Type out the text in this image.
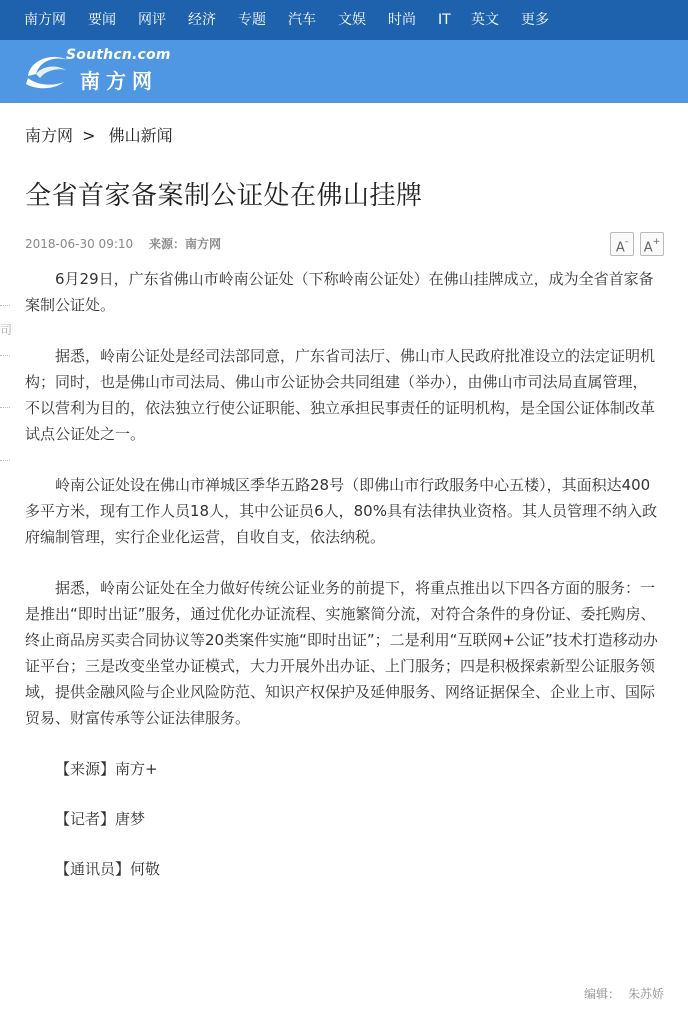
南方网 要闻 网评 经济 专题 汽车 文娱 时尚 IT 英文 更多
Southcn.com
南方网
南方网 > 佛山新闻
全省首家备案制公证处在佛山挂牌
2018-06-30 09:10 来源：南方网	A-	A+
司

6月29日，广东省佛山市岭南公证处（下称岭南公证处）在佛山挂牌成立，成为全省首家备案制公证处。

据悉，岭南公证处是经司法部同意，广东省司法厅、佛山市人民政府批准设立的法定证明机构；同时，也是佛山市司法局、佛山市公证协会共同组建（举办），由佛山市司法局直属管理，不以营利为目的，依法独立行使公证职能、独立承担民事责任的证明机构，是全国公证体制改革试点公证处之一。

岭南公证处设在佛山市禅城区季华五路28号（即佛山市行政服务中心五楼），其面积达400多平方米，现有工作人员18人，其中公证员6人，80%具有法律执业资格。其人员管理不纳入政府编制管理，实行企业化运营，自收自支，依法纳税。

据悉，岭南公证处在全力做好传统公证业务的前提下，将重点推出以下四各方面的服务：一是推出“即时出证”服务，通过优化办证流程、实施繁简分流，对符合条件的身份证、委托购房、终止商品房买卖合同协议等20类案件实施“即时出证”；二是利用“互联网+公证”技术打造移动办证平台；三是改变坐堂办证模式，大力开展外出办证、上门服务；四是积极探索新型公证服务领域，提供金融风险与企业风险防范、知识产权保护及延伸服务、网络证据保全、企业上市、国际贸易、财富传承等公证法律服务。

【来源】南方+

【记者】唐梦

【通讯员】何敬

编辑： 朱苏娇
